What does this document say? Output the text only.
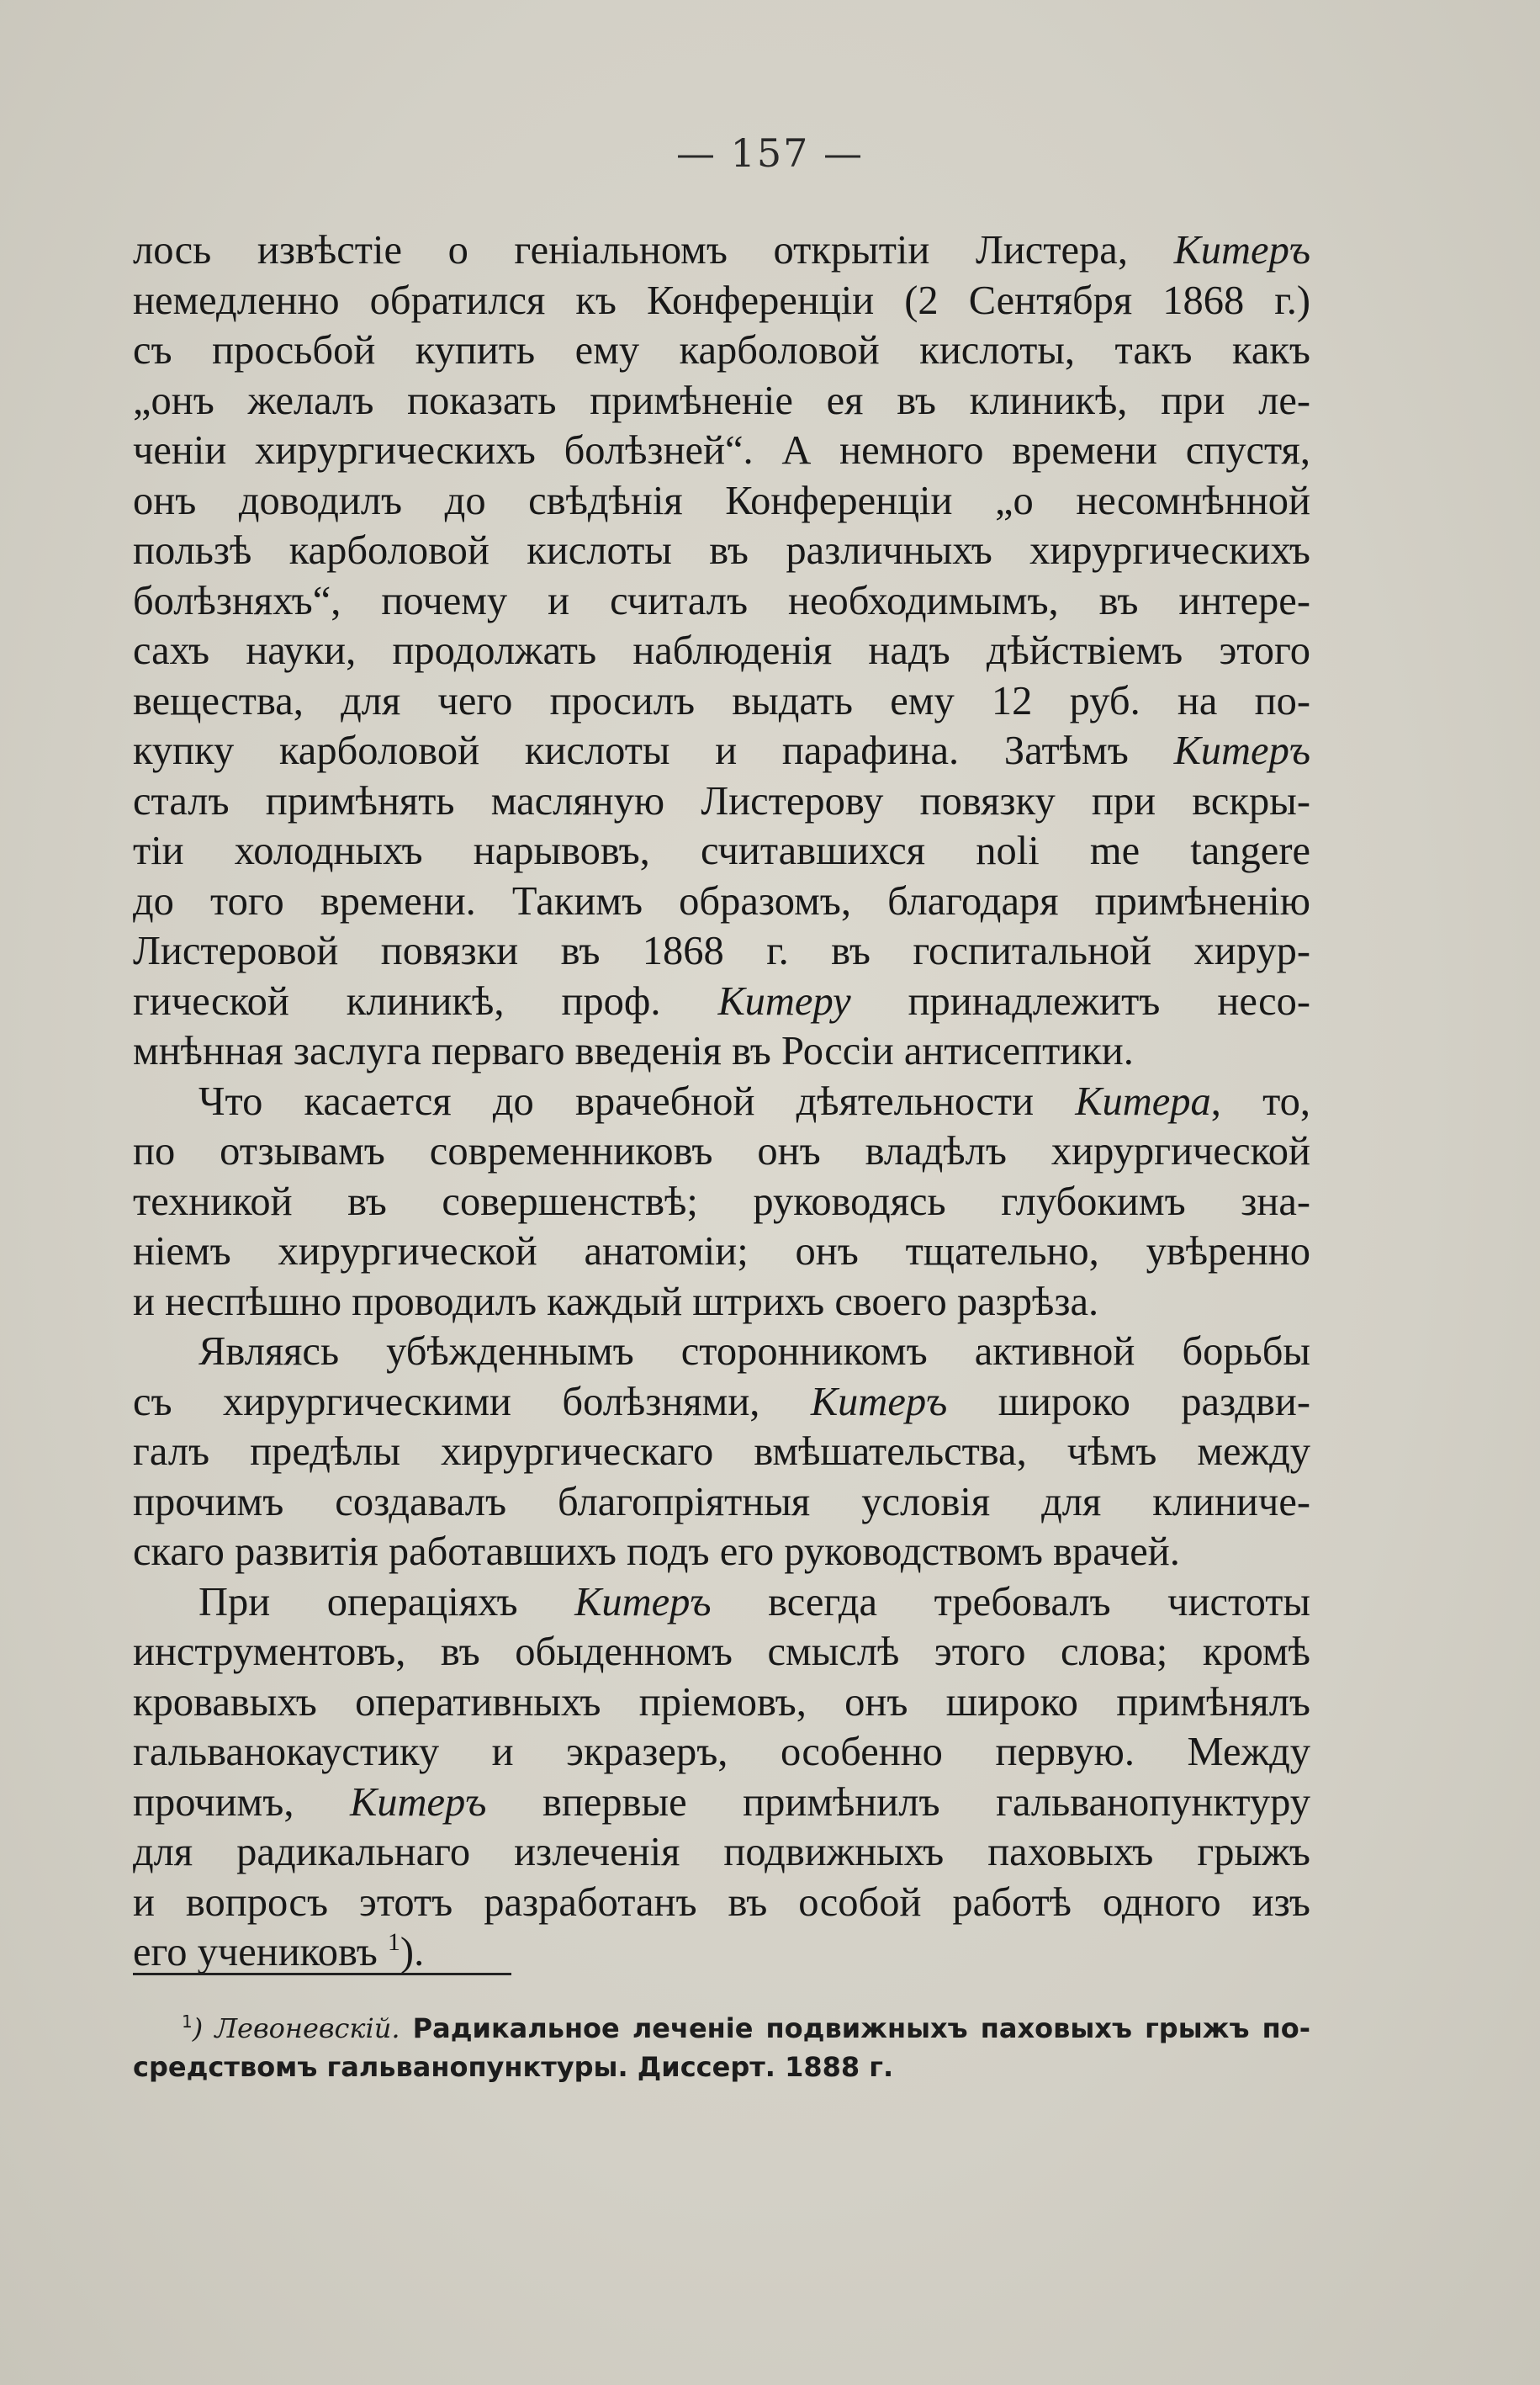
— 157 —
лось извѣстіе о геніальномъ открытіи Листера, Китеръ
немедленно обратился къ Конференціи (2 Сентября 1868 г.)
съ просьбой купить ему карболовой кислоты, такъ какъ
„онъ желалъ показать примѣненіе ея въ клиникѣ, при ле-
ченіи хирургическихъ болѣзней“. А немного времени спустя,
онъ доводилъ до свѣдѣнія Конференціи „о несомнѣнной
пользѣ карболовой кислоты въ различныхъ хирургическихъ
болѣзняхъ“, почему и считалъ необходимымъ, въ интере-
сахъ науки, продолжать наблюденія надъ дѣйствіемъ этого
вещества, для чего просилъ выдать ему 12 руб. на по-
купку карболовой кислоты и парафина. Затѣмъ Китеръ
сталъ примѣнять масляную Листерову повязку при вскры-
тіи холодныхъ нарывовъ, считавшихся noli me tangere
до того времени. Такимъ образомъ, благодаря примѣненію
Листеровой повязки въ 1868 г. въ госпитальной хирур-
гической клиникѣ, проф. Китеру принадлежитъ несо-
мнѣнная заслуга перваго введенія въ Россіи антисептики.
Что касается до врачебной дѣятельности Китера, то,
по отзывамъ современниковъ онъ владѣлъ хирургической
техникой въ совершенствѣ; руководясь глубокимъ зна-
ніемъ хирургической анатоміи; онъ тщательно, увѣренно
и неспѣшно проводилъ каждый штрихъ своего разрѣза.
Являясь убѣжденнымъ сторонникомъ активной борьбы
съ хирургическими болѣзнями, Китеръ широко раздви-
галъ предѣлы хирургическаго вмѣшательства, чѣмъ между
прочимъ создавалъ благопріятныя условія для клиниче-
скаго развитія работавшихъ подъ его руководствомъ врачей.
При операціяхъ Китеръ всегда требовалъ чистоты
инструментовъ, въ обыденномъ смыслѣ этого слова; кромѣ
кровавыхъ оперативныхъ пріемовъ, онъ широко примѣнялъ
гальванокаустику и экразеръ, особенно первую. Между
прочимъ, Китеръ впервые примѣнилъ гальванопунктуру
для радикальнаго излеченія подвижныхъ паховыхъ грыжъ
и вопросъ этотъ разработанъ въ особой работѣ одного изъ
его учениковъ $^1$).
$^1$) Левоневскій. Радикальное леченіе подвижныхъ паховыхъ грыжъ по-
средствомъ гальванопунктуры. Диссерт. 1888 г.
